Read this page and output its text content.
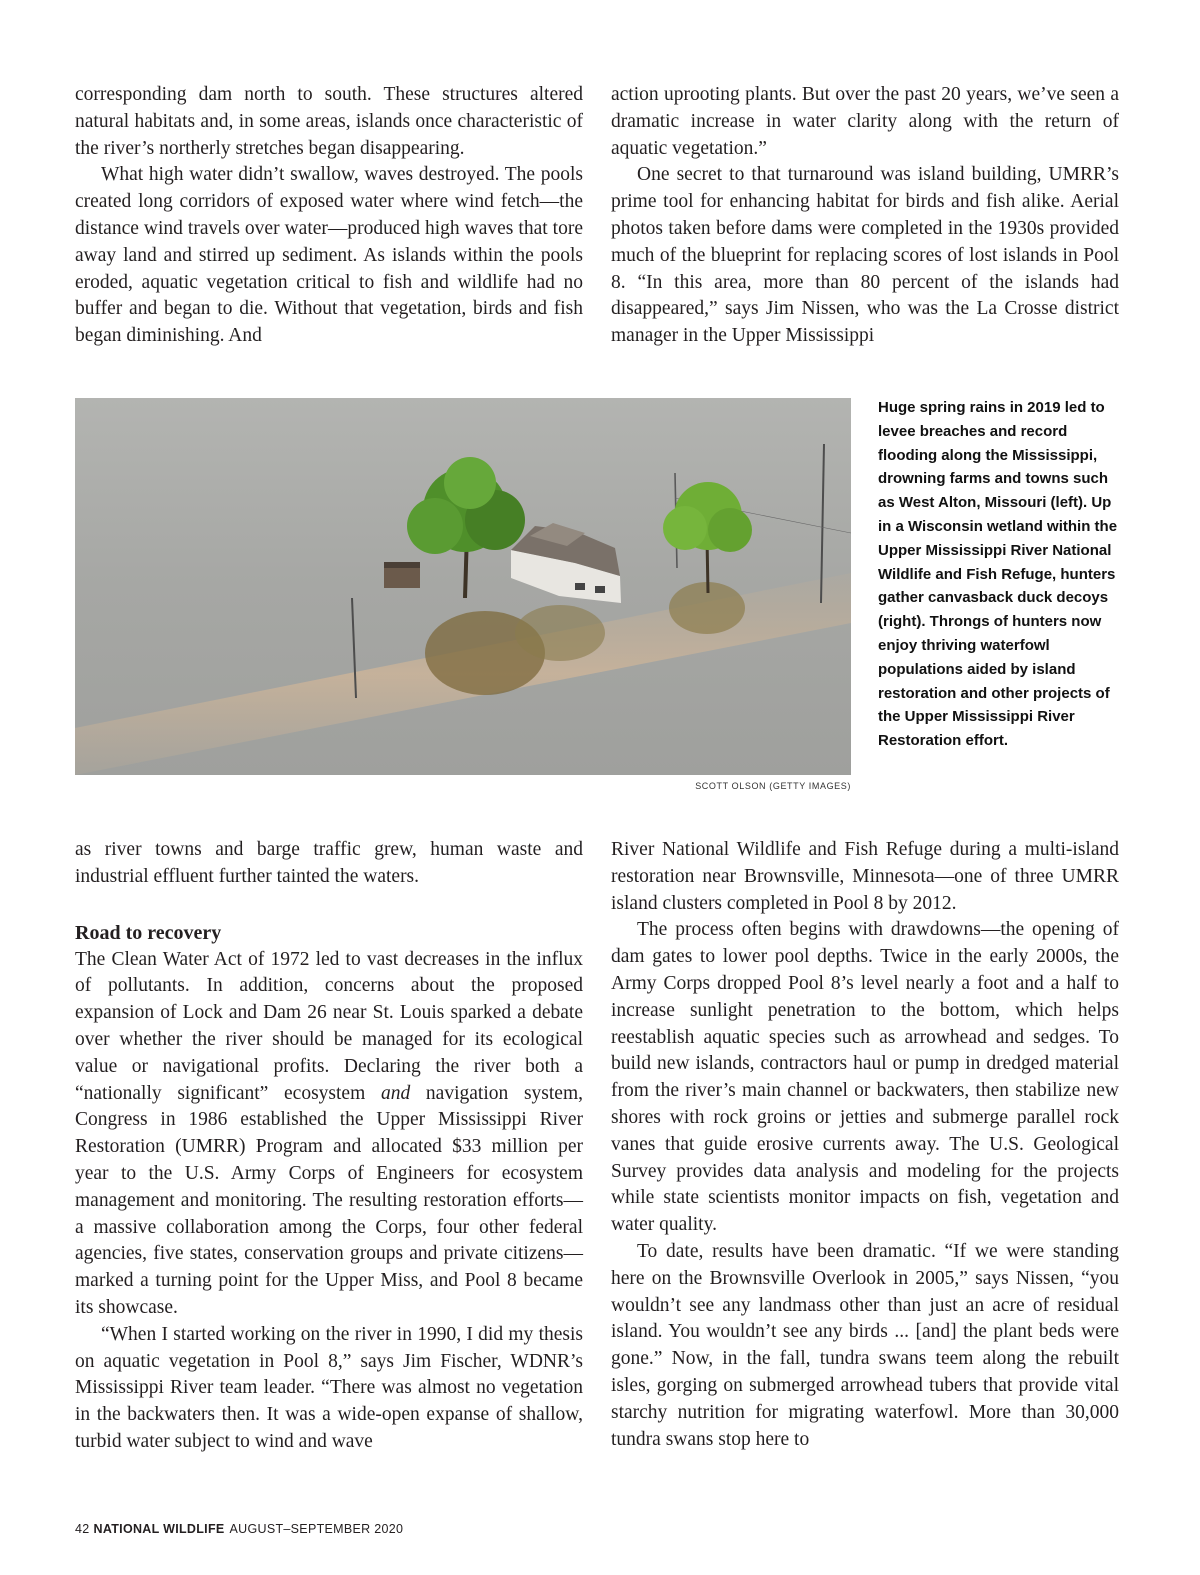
corresponding dam north to south. These structures altered natural habitats and, in some areas, islands once characteristic of the river’s northerly stretches began disappearing.

What high water didn’t swallow, waves destroyed. The pools created long corridors of exposed water where wind fetch—the distance wind travels over water—produced high waves that tore away land and stirred up sediment. As islands within the pools eroded, aquatic vegetation critical to fish and wildlife had no buffer and began to die. Without that vegetation, birds and fish began diminishing. And

action uprooting plants. But over the past 20 years, we’ve seen a dramatic increase in water clarity along with the return of aquatic vegetation.”

One secret to that turnaround was island building, UMRR’s prime tool for enhancing habitat for birds and fish alike. Aerial photos taken before dams were completed in the 1930s provided much of the blueprint for replacing scores of lost islands in Pool 8. “In this area, more than 80 percent of the islands had disappeared,” says Jim Nissen, who was the La Crosse district manager in the Upper Mississippi

SCOTT OLSON (GETTY IMAGES)
Huge spring rains in 2019 led to levee breaches and record flooding along the Mississippi, drowning farms and towns such as West Alton, Missouri (left). Up in a Wisconsin wetland within the Upper Mississippi River National Wildlife and Fish Refuge, hunters gather canvasback duck decoys (right). Throngs of hunters now enjoy thriving waterfowl populations aided by island restoration and other projects of the Upper Mississippi River Restoration effort.

as river towns and barge traffic grew, human waste and industrial effluent further tainted the waters.

Road to recovery

The Clean Water Act of 1972 led to vast decreases in the influx of pollutants. In addition, concerns about the proposed expansion of Lock and Dam 26 near St. Louis sparked a debate over whether the river should be managed for its ecological value or navigational profits. Declaring the river both a “nationally significant” ecosystem and navigation system, Congress in 1986 established the Upper Mississippi River Restoration (UMRR) Program and allocated $33 million per year to the U.S. Army Corps of Engineers for ecosystem management and monitoring. The resulting restoration efforts—a massive collaboration among the Corps, four other federal agencies, five states, conservation groups and private citizens—marked a turning point for the Upper Miss, and Pool 8 became its showcase.

“When I started working on the river in 1990, I did my thesis on aquatic vegetation in Pool 8,” says Jim Fischer, WDNR’s Mississippi River team leader. “There was almost no vegetation in the backwaters then. It was a wide-open expanse of shallow, turbid water subject to wind and wave

River National Wildlife and Fish Refuge during a multi-island restoration near Brownsville, Minnesota—one of three UMRR island clusters completed in Pool 8 by 2012.

The process often begins with drawdowns—the opening of dam gates to lower pool depths. Twice in the early 2000s, the Army Corps dropped Pool 8’s level nearly a foot and a half to increase sunlight penetration to the bottom, which helps reestablish aquatic species such as arrowhead and sedges. To build new islands, contractors haul or pump in dredged material from the river’s main channel or backwaters, then stabilize new shores with rock groins or jetties and submerge parallel rock vanes that guide erosive currents away. The U.S. Geological Survey provides data analysis and modeling for the projects while state scientists monitor impacts on fish, vegetation and water quality.

To date, results have been dramatic. “If we were standing here on the Brownsville Overlook in 2005,” says Nissen, “you wouldn’t see any landmass other than just an acre of residual island. You wouldn’t see any birds ... [and] the plant beds were gone.” Now, in the fall, tundra swans teem along the rebuilt isles, gorging on submerged arrowhead tubers that provide vital starchy nutrition for migrating waterfowl. More than 30,000 tundra swans stop here to

42 NATIONAL WILDLIFE AUGUST–SEPTEMBER 2020
